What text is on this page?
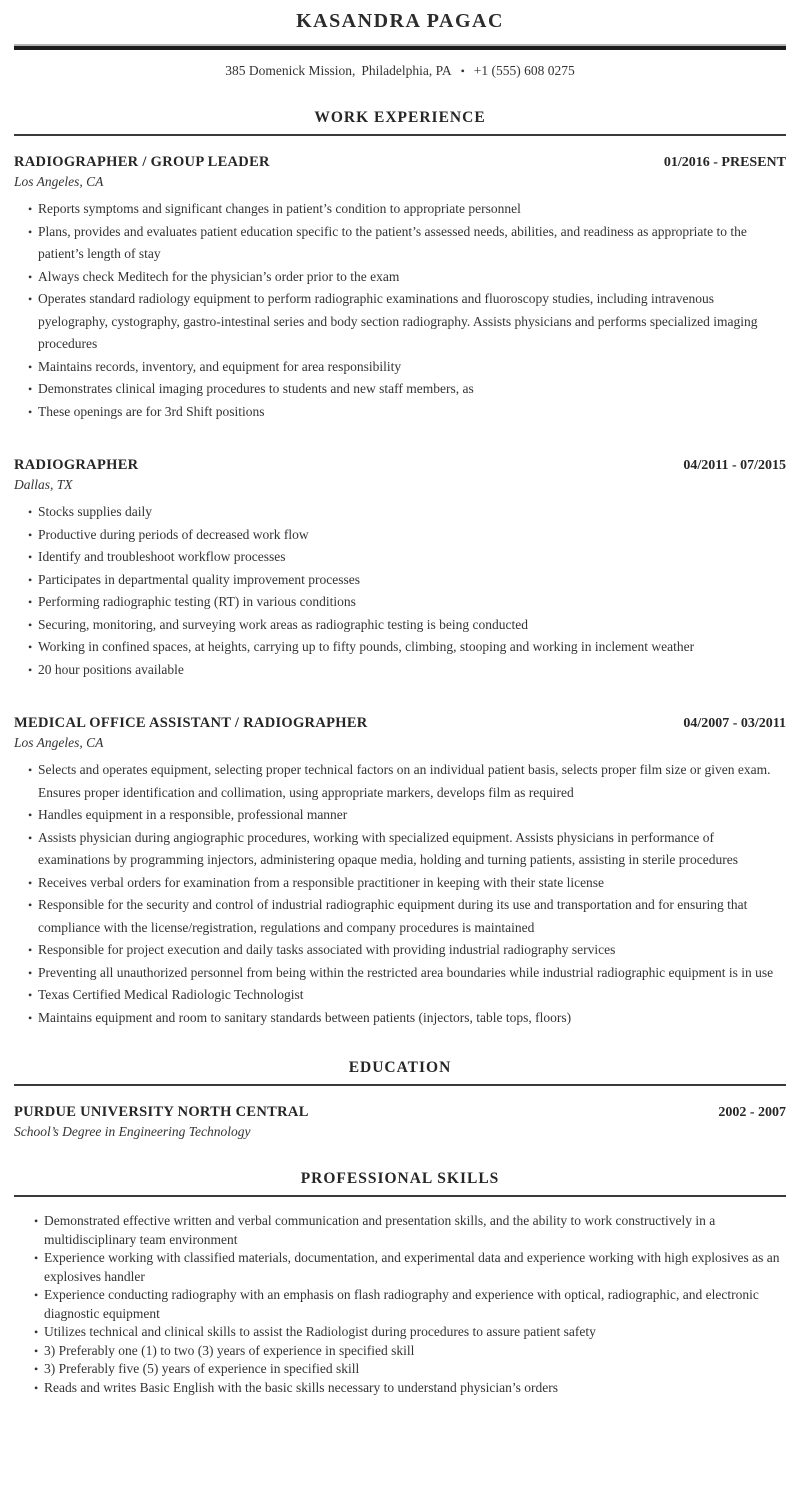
KASANDRA PAGAC

385 Domenick Mission, Philadelphia, PA • +1 (555) 608 0275

WORK EXPERIENCE
RADIOGRAPHER / GROUP LEADER	01/2016 - PRESENT

Los Angeles, CA

• Reports symptoms and significant changes in patient’s condition to appropriate personnel
• Plans, provides and evaluates patient education specific to the patient’s assessed needs, abilities, and readiness as appropriate to the patient’s length of stay
• Always check Meditech for the physician’s order prior to the exam
• Operates standard radiology equipment to perform radiographic examinations and fluoroscopy studies, including intravenous pyelography, cystography, gastro-intestinal series and body section radiography. Assists physicians and performs specialized imaging procedures
• Maintains records, inventory, and equipment for area responsibility
• Demonstrates clinical imaging procedures to students and new staff members, as
• These openings are for 3rd Shift positions
RADIOGRAPHER	04/2011 - 07/2015

Dallas, TX

• Stocks supplies daily
• Productive during periods of decreased work flow
• Identify and troubleshoot workflow processes
• Participates in departmental quality improvement processes
• Performing radiographic testing (RT) in various conditions
• Securing, monitoring, and surveying work areas as radiographic testing is being conducted
• Working in confined spaces, at heights, carrying up to fifty pounds, climbing, stooping and working in inclement weather
• 20 hour positions available
MEDICAL OFFICE ASSISTANT / RADIOGRAPHER	04/2007 - 03/2011

Los Angeles, CA

• Selects and operates equipment, selecting proper technical factors on an individual patient basis, selects proper film size or given exam. Ensures proper identification and collimation, using appropriate markers, develops film as required
• Handles equipment in a responsible, professional manner
• Assists physician during angiographic procedures, working with specialized equipment. Assists physicians in performance of examinations by programming injectors, administering opaque media, holding and turning patients, assisting in sterile procedures
• Receives verbal orders for examination from a responsible practitioner in keeping with their state license
• Responsible for the security and control of industrial radiographic equipment during its use and transportation and for ensuring that compliance with the license/registration, regulations and company procedures is maintained
• Responsible for project execution and daily tasks associated with providing industrial radiography services
• Preventing all unauthorized personnel from being within the restricted area boundaries while industrial radiographic equipment is in use
• Texas Certified Medical Radiologic Technologist
• Maintains equipment and room to sanitary standards between patients (injectors, table tops, floors)
EDUCATION
PURDUE UNIVERSITY NORTH CENTRAL	2002 - 2007

School’s Degree in Engineering Technology

PROFESSIONAL SKILLS
• Demonstrated effective written and verbal communication and presentation skills, and the ability to work constructively in a multidisciplinary team environment
• Experience working with classified materials, documentation, and experimental data and experience working with high explosives as an explosives handler
• Experience conducting radiography with an emphasis on flash radiography and experience with optical, radiographic, and electronic diagnostic equipment
• Utilizes technical and clinical skills to assist the Radiologist during procedures to assure patient safety
• 3) Preferably one (1) to two (3) years of experience in specified skill
• 3) Preferably five (5) years of experience in specified skill
• Reads and writes Basic English with the basic skills necessary to understand physician’s orders
